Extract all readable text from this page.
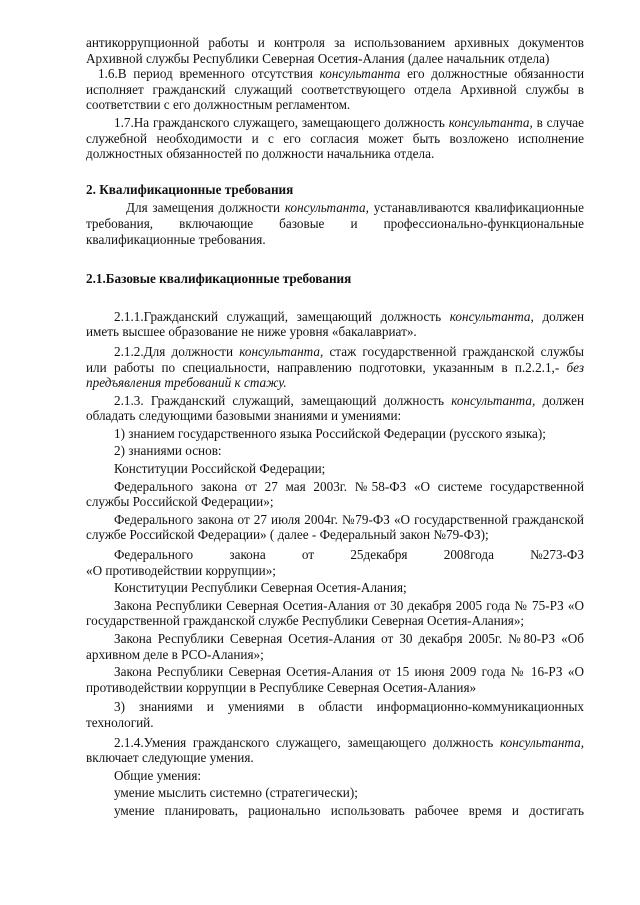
антикоррупционной работы и контроля за использованием архивных документов Архивной службы Республики Северная Осетия-Алания (далее начальник отдела)

1.6.В период временного отсутствия консультанта его должностные обязанности исполняет гражданский служащий соответствующего отдела Архивной службы в соответствии с его должностным регламентом.

1.7.На гражданского служащего, замещающего должность консультанта, в случае служебной необходимости и с его согласия может быть возложено исполнение должностных обязанностей по должности начальника отдела.

2. Квалификационные требования

Для замещения должности консультанта, устанавливаются квалификационные требования, включающие базовые и профессионально-функциональные квалификационные требования.

2.1.Базовые квалификационные требования

2.1.1.Гражданский служащий, замещающий должность консультанта, должен иметь высшее образование не ниже уровня «бакалавриат».

2.1.2.Для должности консультанта, стаж государственной гражданской службы или работы по специальности, направлению подготовки, указанным в п.2.2.1,- без предъявления требований к стажу.

2.1.3. Гражданский служащий, замещающий должность консультанта, должен обладать следующими базовыми знаниями и умениями:

1) знанием государственного языка Российской Федерации (русского языка);

2) знаниями основ:

Конституции Российской Федерации;

Федерального закона от 27 мая 2003г. №58-ФЗ «О системе государственной службы Российской Федерации»;

Федерального закона от 27 июля 2004г. №79-ФЗ «О государственной гражданской службе Российской Федерации» ( далее - Федеральный закон №79-ФЗ);

Федерального	закона	от	25декабря	2008года	№273-ФЗ

«О противодействии коррупции»;

Конституции Республики Северная Осетия-Алания;

Закона Республики Северная Осетия-Алания от 30 декабря 2005 года № 75-РЗ «О государственной гражданской службе Республики Северная Осетия-Алания»;

Закона Республики Северная Осетия-Алания от 30 декабря 2005г. №80-РЗ «Об архивном деле в РСО-Алания»;

Закона Республики Северная Осетия-Алания от 15 июня 2009 года № 16-РЗ «О противодействии коррупции в Республике Северная Осетия-Алания»

3) знаниями и умениями в области информационно-коммуникационных технологий.

2.1.4.Умения гражданского служащего, замещающего должность консультанта, включает следующие умения.

Общие умения:

умение мыслить системно (стратегически);

умение планировать, рационально использовать рабочее время и достигать
